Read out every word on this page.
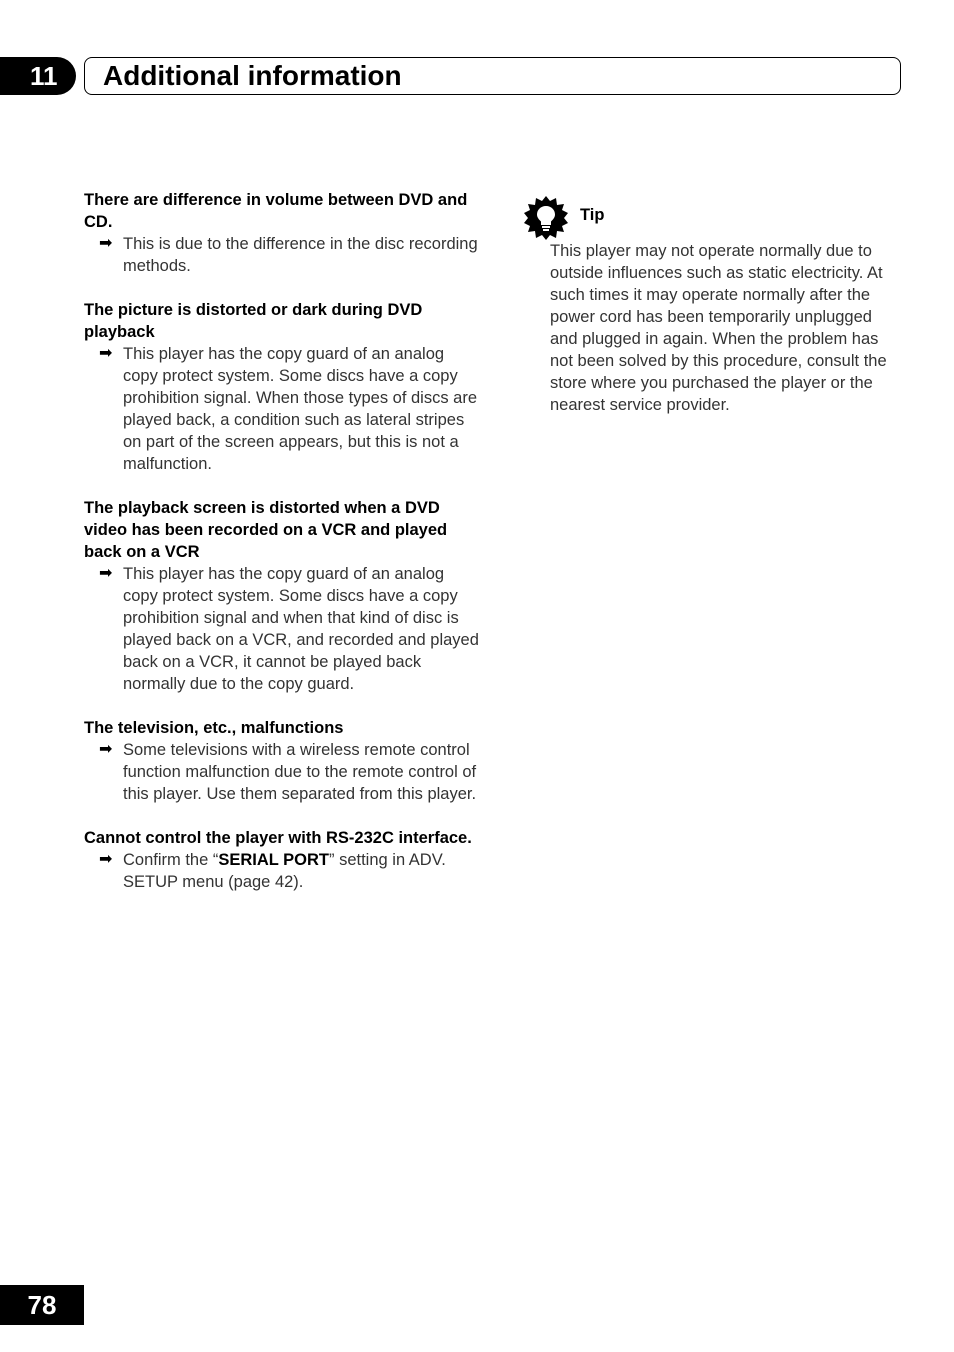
11	Additional information
There are difference in volume between DVD and CD.
➡ This is due to the difference in the disc recording methods.
The picture is distorted or dark during DVD playback
➡ This player has the copy guard of an analog copy protect system. Some discs have a copy prohibition signal. When those types of discs are played back, a condition such as lateral stripes on part of the screen appears, but this is not a malfunction.
The playback screen is distorted when a DVD video has been recorded on a VCR and played back on a VCR
➡ This player has the copy guard of an analog copy protect system. Some discs have a copy prohibition signal and when that kind of disc is played back on a VCR, and recorded and played back on a VCR, it cannot be played back normally due to the copy guard.
The television, etc., malfunctions
➡ Some televisions with a wireless remote control function malfunction due to the remote control of this player. Use them separated from this player.
Cannot control the player with RS-232C interface.
➡ Confirm the “SERIAL PORT” setting in ADV. SETUP menu (page 42).
Tip
This player may not operate normally due to outside influences such as static electricity. At such times it may operate normally after the power cord has been temporarily unplugged and plugged in again. When the problem has not been solved by this procedure, consult the store where you purchased the player or the nearest service provider.
78
